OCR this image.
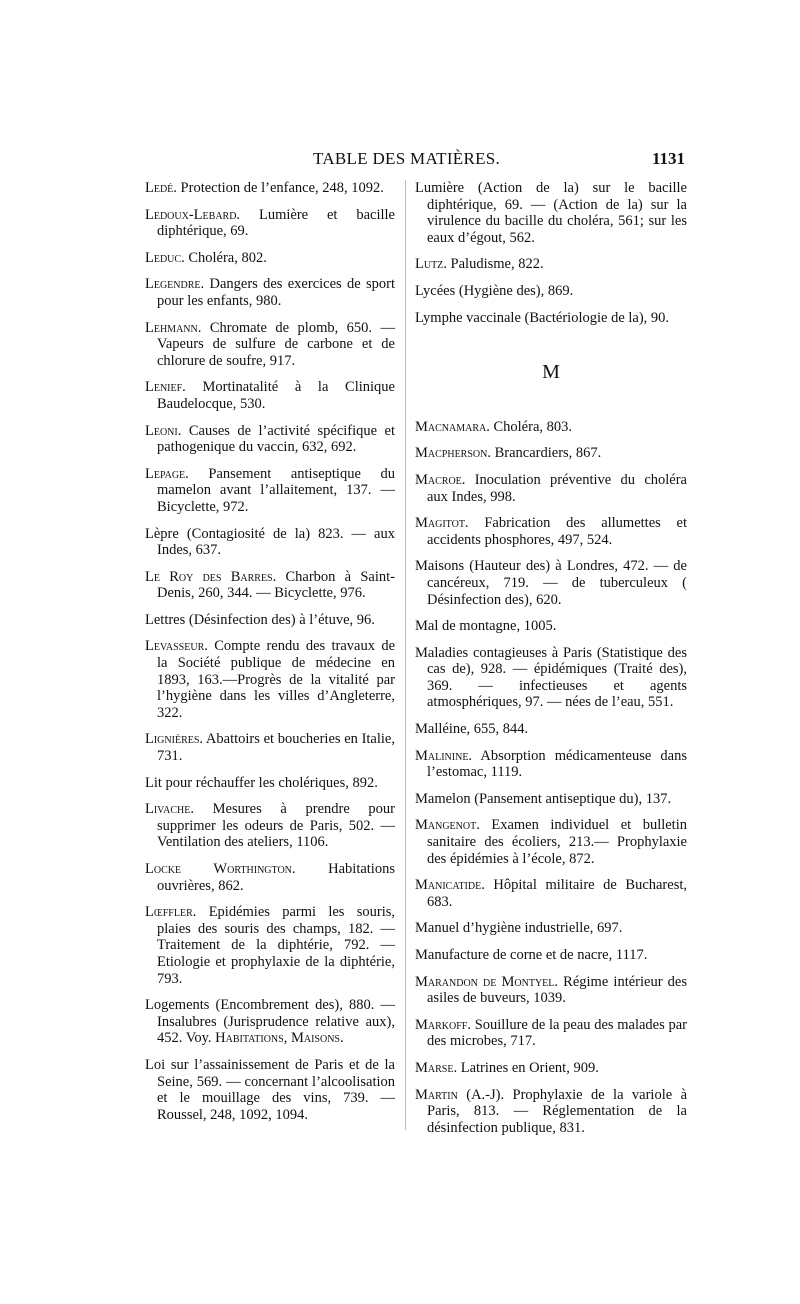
TABLE DES MATIÈRES.	1131

Ledé. Protection de l’enfance, 248, 1092.

Ledoux-Lebard. Lumière et bacille diphtérique, 69.

Leduc. Choléra, 802.

Legendre. Dangers des exercices de sport pour les enfants, 980.

Lehmann. Chromate de plomb, 650. — Vapeurs de sulfure de carbone et de chlorure de soufre, 917.

Lenief. Mortinatalité à la Clinique Baudelocque, 530.

Leoni. Causes de l’activité spécifique et pathogenique du vaccin, 632, 692.

Lepage. Pansement antiseptique du mamelon avant l’allaitement, 137. — Bicyclette, 972.

Lèpre (Contagiosité de la) 823. — aux Indes, 637.

Le Roy des Barres. Charbon à Saint-Denis, 260, 344. — Bicyclette, 976.

Lettres (Désinfection des) à l’étuve, 96.

Levasseur. Compte rendu des travaux de la Société publique de médecine en 1893, 163.—Progrès de la vitalité par l’hygiène dans les villes d’Angleterre, 322.

Lignières. Abattoirs et boucheries en Italie, 731.

Lit pour réchauffer les cholériques, 892.

Livache. Mesures à prendre pour supprimer les odeurs de Paris, 502. — Ventilation des ateliers, 1106.

Locke Worthington. Habitations ouvrières, 862.

Lœffler. Epidémies parmi les souris, plaies des souris des champs, 182. —Traitement de la diphtérie, 792. — Etiologie et prophylaxie de la diphtérie, 793.

Logements (Encombrement des), 880. — Insalubres (Jurisprudence relative aux), 452. Voy. Habitations, Maisons.

Loi sur l’assainissement de Paris et de la Seine, 569. — concernant l’alcoolisation et le mouillage des vins, 739. — Roussel, 248, 1092, 1094.

Lumière (Action de la) sur le bacille diphtérique, 69. — (Action de la) sur la virulence du bacille du choléra, 561; sur les eaux d’égout, 562.

Lutz. Paludisme, 822.

Lycées (Hygiène des), 869.

Lymphe vaccinale (Bactériologie de la), 90.

M

Macnamara. Choléra, 803.

Macpherson. Brancardiers, 867.

Macroe. Inoculation préventive du choléra aux Indes, 998.

Magitot. Fabrication des allumettes et accidents phosphores, 497, 524.

Maisons (Hauteur des) à Londres, 472. — de cancéreux, 719. — de tuberculeux ( Désinfection des), 620.

Mal de montagne, 1005.

Maladies contagieuses à Paris (Statistique des cas de), 928. — épidémiques (Traité des), 369. — infectieuses et agents atmosphériques, 97. — nées de l’eau, 551.

Malléine, 655, 844.

Malinine. Absorption médicamenteuse dans l’estomac, 1119.

Mamelon (Pansement antiseptique du), 137.

Mangenot. Examen individuel et bulletin sanitaire des écoliers, 213.— Prophylaxie des épidémies à l’école, 872.

Manicatide. Hôpital militaire de Bucharest, 683.

Manuel d’hygiène industrielle, 697.

Manufacture de corne et de nacre, 1117.

Marandon de Montyel. Régime intérieur des asiles de buveurs, 1039.

Markoff. Souillure de la peau des malades par des microbes, 717.

Marse. Latrines en Orient, 909.

Martin (A.-J). Prophylaxie de la variole à Paris, 813. — Réglementation de la désinfection publique, 831.
